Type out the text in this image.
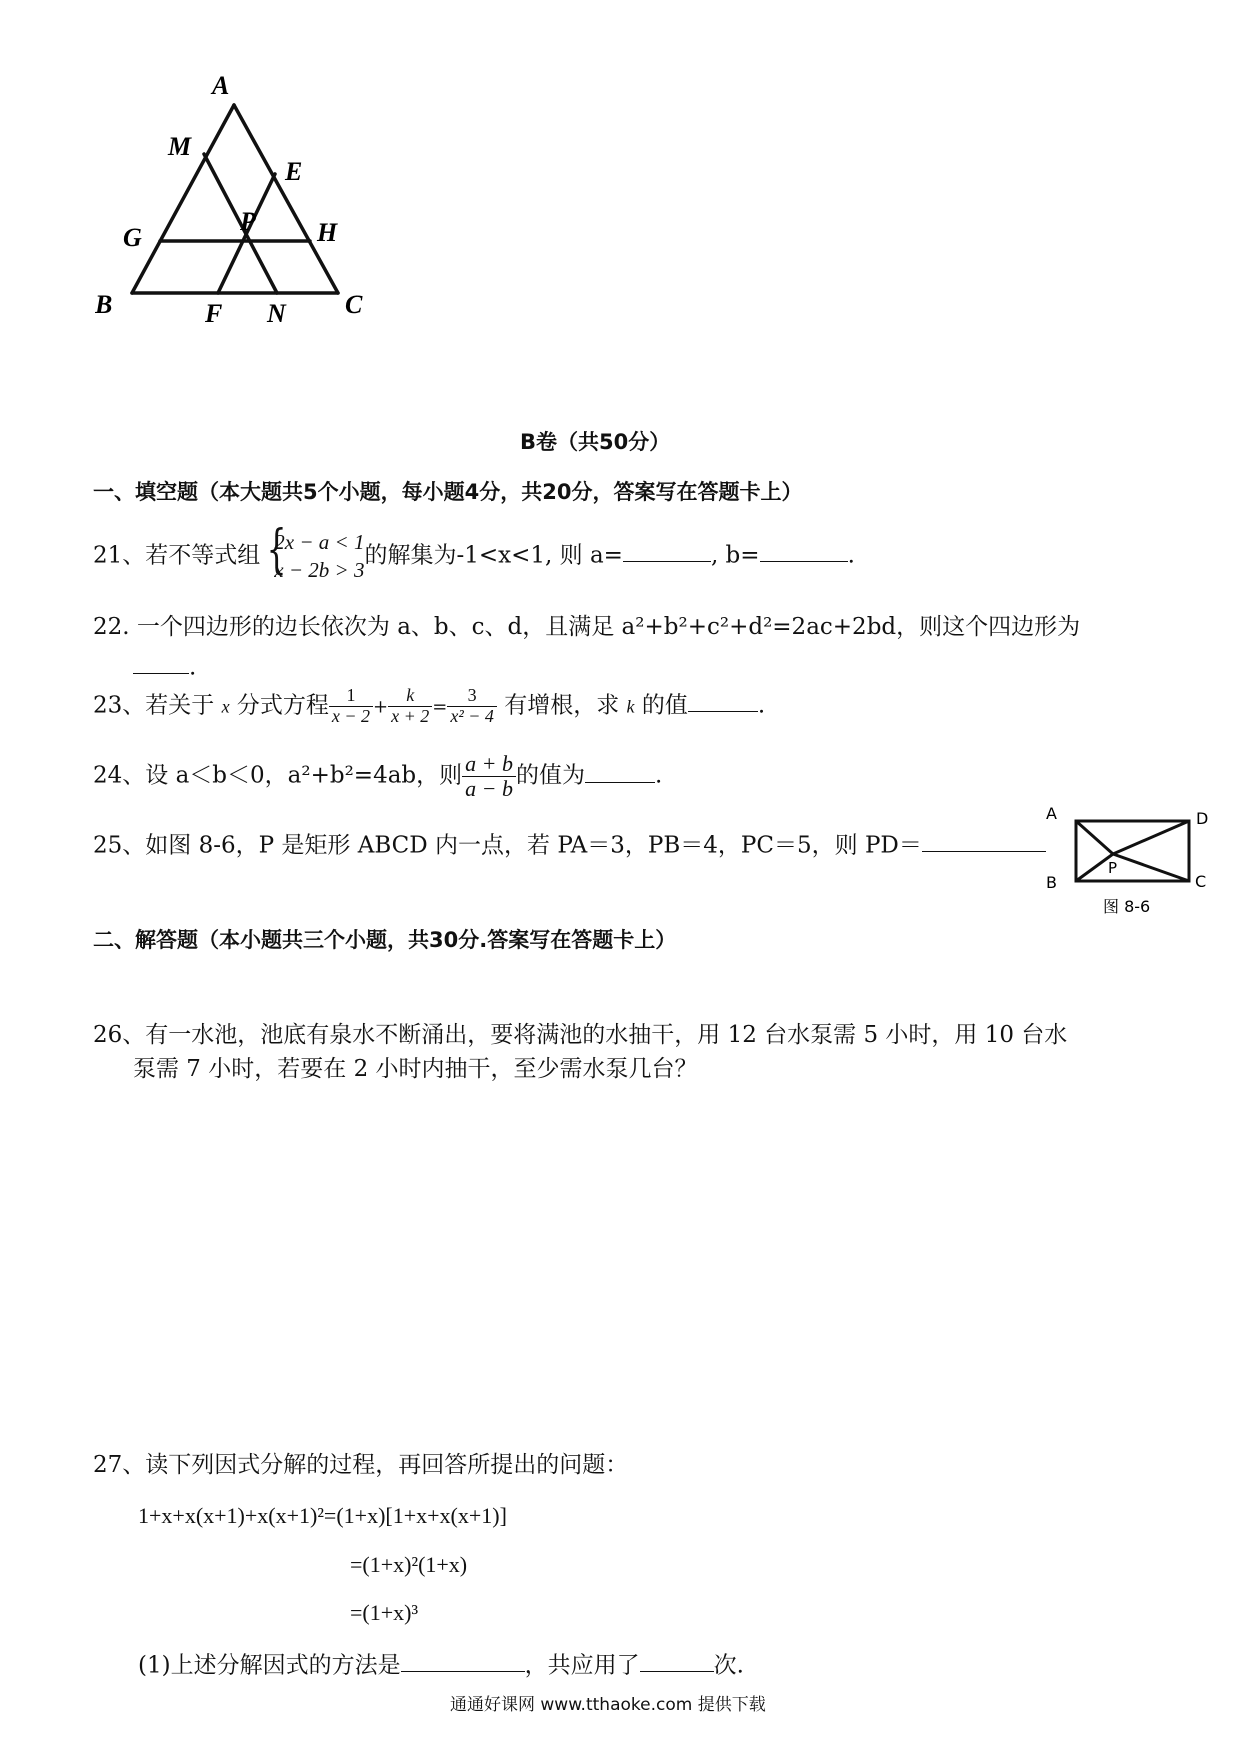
A
M
E
G
P H
B	F N C
B卷（共50分）
一、填空题（本大题共5个小题，每小题4分，共20分，答案写在答题卡上）
21、若不等式组 {
2x − a < 1
x − 2b > 3
的解集为-1<x<1, 则 a=	, b=	.
22. 一个四边形的边长依次为 a、b、c、d，且满足 a²+b²+c²+d²=2ac+2bd，则这个四边形为
.
23、若关于 x 分式方程 $\frac{1}{x - 2} + \frac{k}{x + 2} = \frac{3}{\text{x² − 4}}$ 有增根，求 k 的值	.
24、设 a＜b＜0，a²+b²=4ab，则 $\frac{a + b}{a - b}$ 的值为	.
25、如图 8-6，P 是矩形 ABCD 内一点，若 PA＝3，PB＝4，PC＝5，则 PD＝
A	D
P
B	C
图 8-6
二、解答题（本小题共三个小题，共30分.答案写在答题卡上）
26、有一水池，池底有泉水不断涌出，要将满池的水抽干，用 12 台水泵需 5 小时，用 10 台水
泵需 7 小时，若要在 2 小时内抽干，至少需水泵几台？
27、读下列因式分解的过程，再回答所提出的问题：
1+x+x(x+1)+x(x+1)²=(1+x)[1+x+x(x+1)]
=(1+x)²(1+x)
=(1+x)³
(1)上述分解因式的方法是	，共应用了	次.
通通好课网 www.tthaoke.com 提供下载
